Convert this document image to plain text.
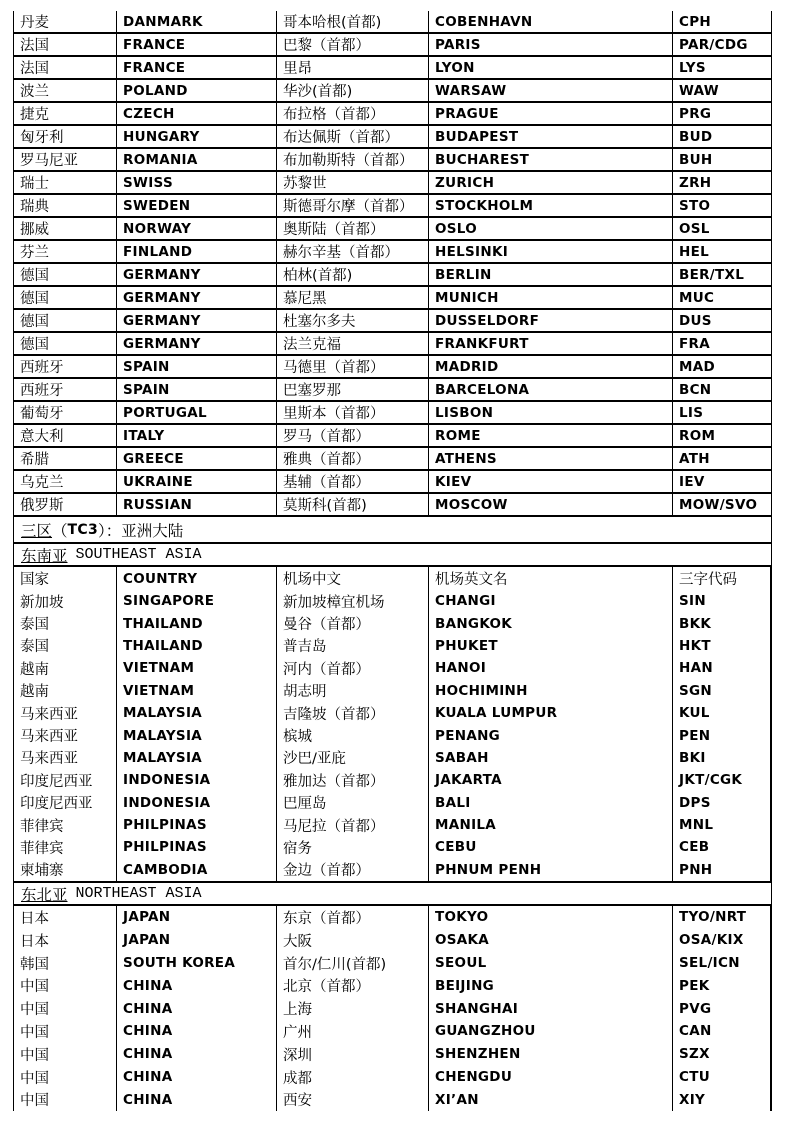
丹麦	DANMARK	哥本哈根(首都)	COBENHAVN	CPH
法国	FRANCE	巴黎（首都）	PARIS	PAR/CDG
法国	FRANCE	里昂	LYON	LYS
波兰	POLAND	华沙(首都)	WARSAW	WAW
捷克	CZECH	布拉格（首都）	PRAGUE	PRG
匈牙利	HUNGARY	布达佩斯（首都）	BUDAPEST	BUD
罗马尼亚	ROMANIA	布加勒斯特（首都）	BUCHAREST	BUH
瑞士	SWISS	苏黎世	ZURICH	ZRH
瑞典	SWEDEN	斯德哥尔摩（首都）	STOCKHOLM	STO
挪威	NORWAY	奥斯陆（首都）	OSLO	OSL
芬兰	FINLAND	赫尔辛基（首都）	HELSINKI	HEL
德国	GERMANY	柏林(首都)	BERLIN	BER/TXL
德国	GERMANY	慕尼黑	MUNICH	MUC
德国	GERMANY	杜塞尔多夫	DUSSELDORF	DUS
德国	GERMANY	法兰克福	FRANKFURT	FRA
西班牙	SPAIN	马德里（首都）	MADRID	MAD
西班牙	SPAIN	巴塞罗那	BARCELONA	BCN
葡萄牙	PORTUGAL	里斯本（首都）	LISBON	LIS
意大利	ITALY	罗马（首都）	ROME	ROM
希腊	GREECE	雅典（首都）	ATHENS	ATH
乌克兰	UKRAINE	基辅（首都）	KIEV	IEV
俄罗斯	RUSSIAN	莫斯科(首都)	MOSCOW	MOW/SVO
三区 （ TC3 ）：亚洲大陆
东南亚 SOUTHEAST ASIA
国家	COUNTRY	机场中文	机场英文名	三字代码
新加坡	SINGAPORE	新加坡樟宜机场	CHANGI	SIN
泰国	THAILAND	曼谷（首都）	BANGKOK	BKK
泰国	THAILAND	普吉岛	PHUKET	HKT
越南	VIETNAM	河内（首都）	HANOI	HAN
越南	VIETNAM	胡志明	HOCHIMINH	SGN
马来西亚	MALAYSIA	吉隆坡（首都）	KUALA LUMPUR	KUL
马来西亚	MALAYSIA	槟城	PENANG	PEN
马来西亚	MALAYSIA	沙巴/亚庇	SABAH	BKI
印度尼西亚	INDONESIA	雅加达（首都）	JAKARTA	JKT/CGK
印度尼西亚	INDONESIA	巴厘岛	BALI	DPS
菲律宾	PHILPINAS	马尼拉（首都）	MANILA	MNL
菲律宾	PHILPINAS	宿务	CEBU	CEB
柬埔寨	CAMBODIA	金边（首都）	PHNUM PENH	PNH
东北亚 NORTHEAST ASIA
日本	JAPAN	东京（首都）	TOKYO	TYO/NRT
日本	JAPAN	大阪	OSAKA	OSA/KIX
韩国	SOUTH KOREA	首尔/仁川(首都)	SEOUL	SEL/ICN
中国	CHINA	北京（首都）	BEIJING	PEK
中国	CHINA	上海	SHANGHAI	PVG
中国	CHINA	广州	GUANGZHOU	CAN
中国	CHINA	深圳	SHENZHEN	SZX
中国	CHINA	成都	CHENGDU	CTU
中国	CHINA	西安	XI’AN	XIY
